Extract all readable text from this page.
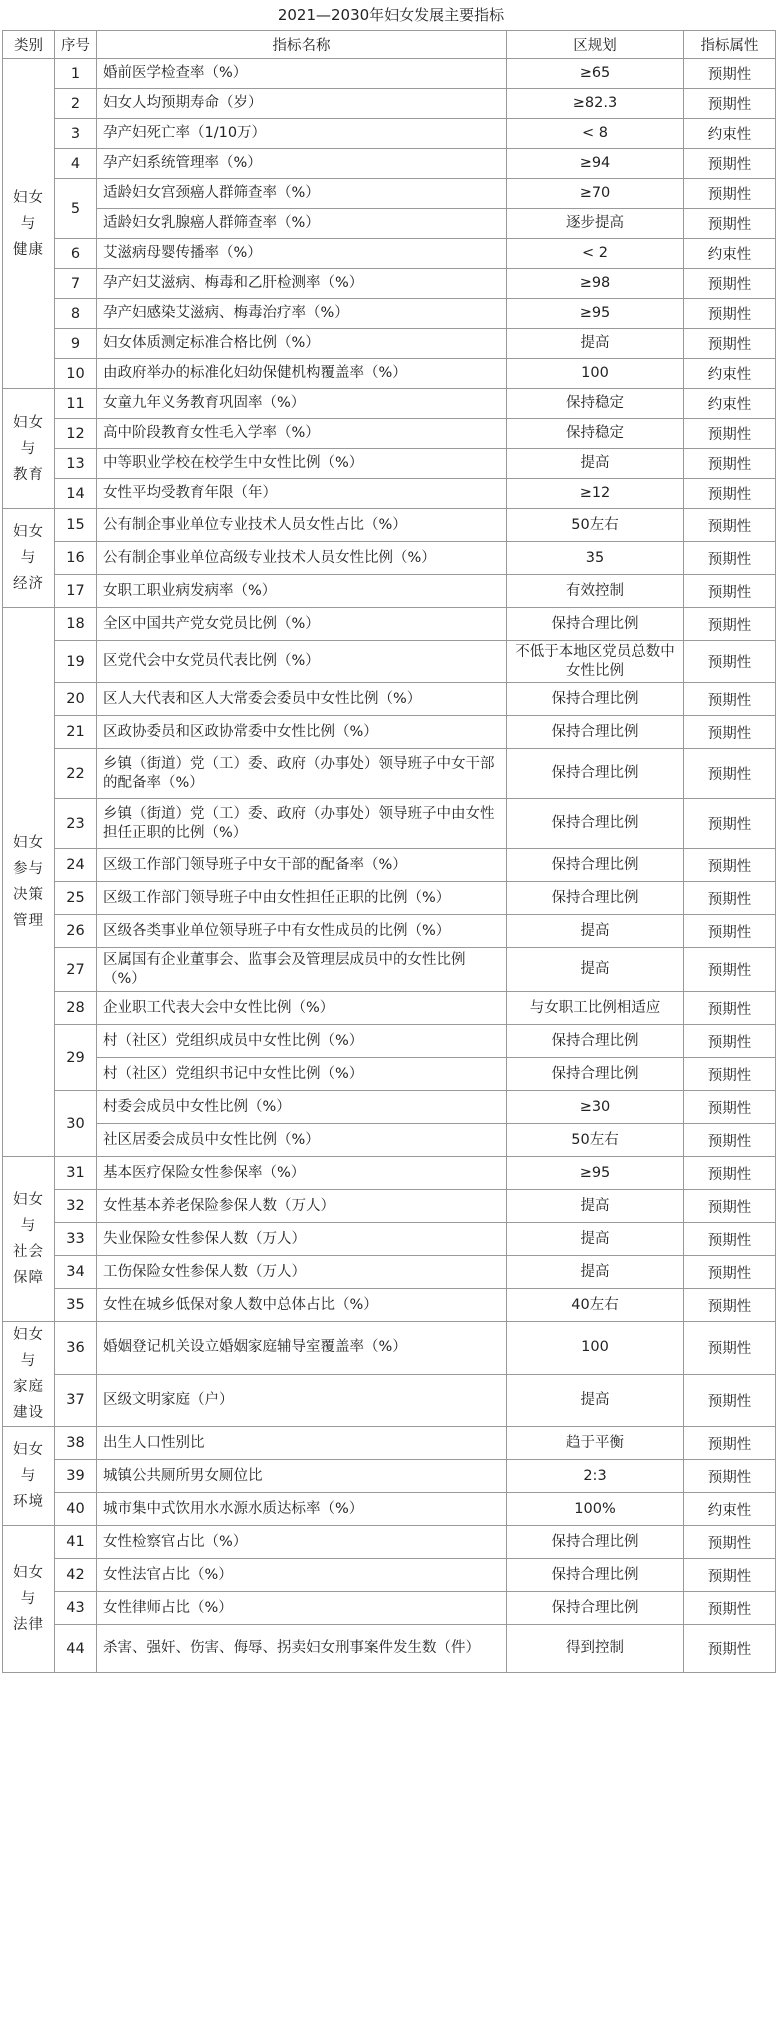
2021—2030年妇女发展主要指标
类别	序号	指标名称	区规划	指标属性
妇女
与
健康	1	婚前医学检查率（%）	≥65	预期性
	2	妇女人均预期寿命（岁）	≥82.3	预期性
	3	孕产妇死亡率（1/10万）	< 8	约束性
	4	孕产妇系统管理率（%）	≥94	预期性
	5	适龄妇女宫颈癌人群筛查率（%）	≥70	预期性
		适龄妇女乳腺癌人群筛查率（%）	逐步提高	预期性
	6	艾滋病母婴传播率（%）	< 2	约束性
	7	孕产妇艾滋病、梅毒和乙肝检测率（%）	≥98	预期性
	8	孕产妇感染艾滋病、梅毒治疗率（%）	≥95	预期性
	9	妇女体质测定标准合格比例（%）	提高	预期性
	10	由政府举办的标准化妇幼保健机构覆盖率（%）	100	约束性
妇女
与
教育	11	女童九年义务教育巩固率（%）	保持稳定	约束性
	12	高中阶段教育女性毛入学率（%）	保持稳定	预期性
	13	中等职业学校在校学生中女性比例（%）	提高	预期性
	14	女性平均受教育年限（年）	≥12	预期性
妇女
与
经济	15	公有制企事业单位专业技术人员女性占比（%）	50左右	预期性
	16	公有制企事业单位高级专业技术人员女性比例（%）	35	预期性
	17	女职工职业病发病率（%）	有效控制	预期性
妇女
参与
决策
管理	18	全区中国共产党女党员比例（%）	保持合理比例	预期性
	19	区党代会中女党员代表比例（%）	不低于本地区党员总数中女性比例	预期性
	20	区人大代表和区人大常委会委员中女性比例（%）	保持合理比例	预期性
	21	区政协委员和区政协常委中女性比例（%）	保持合理比例	预期性
	22	乡镇（街道）党（工）委、政府（办事处）领导班子中女干部的配备率（%）	保持合理比例	预期性
	23	乡镇（街道）党（工）委、政府（办事处）领导班子中由女性担任正职的比例（%）	保持合理比例	预期性
	24	区级工作部门领导班子中女干部的配备率（%）	保持合理比例	预期性
	25	区级工作部门领导班子中由女性担任正职的比例（%）	保持合理比例	预期性
	26	区级各类事业单位领导班子中有女性成员的比例（%）	提高	预期性
	27	区属国有企业董事会、监事会及管理层成员中的女性比例（%）	提高	预期性
	28	企业职工代表大会中女性比例（%）	与女职工比例相适应	预期性
	29	村（社区）党组织成员中女性比例（%）	保持合理比例	预期性
		村（社区）党组织书记中女性比例（%）	保持合理比例	预期性
	30	村委会成员中女性比例（%）	≥30	预期性
		社区居委会成员中女性比例（%）	50左右	预期性
妇女
与
社会
保障	31	基本医疗保险女性参保率（%）	≥95	预期性
	32	女性基本养老保险参保人数（万人）	提高	预期性
	33	失业保险女性参保人数（万人）	提高	预期性
	34	工伤保险女性参保人数（万人）	提高	预期性
	35	女性在城乡低保对象人数中总体占比（%）	40左右	预期性
妇女
与
家庭
建设	36	婚姻登记机关设立婚姻家庭辅导室覆盖率（%）	100	预期性
	37	区级文明家庭（户）	提高	预期性
妇女
与
环境	38	出生人口性别比	趋于平衡	预期性
	39	城镇公共厕所男女厕位比	2:3	预期性
	40	城市集中式饮用水水源水质达标率（%）	100%	约束性
妇女
与
法律	41	女性检察官占比（%）	保持合理比例	预期性
	42	女性法官占比（%）	保持合理比例	预期性
	43	女性律师占比（%）	保持合理比例	预期性
	44	杀害、强奸、伤害、侮辱、拐卖妇女刑事案件发生数（件）	得到控制	预期性
